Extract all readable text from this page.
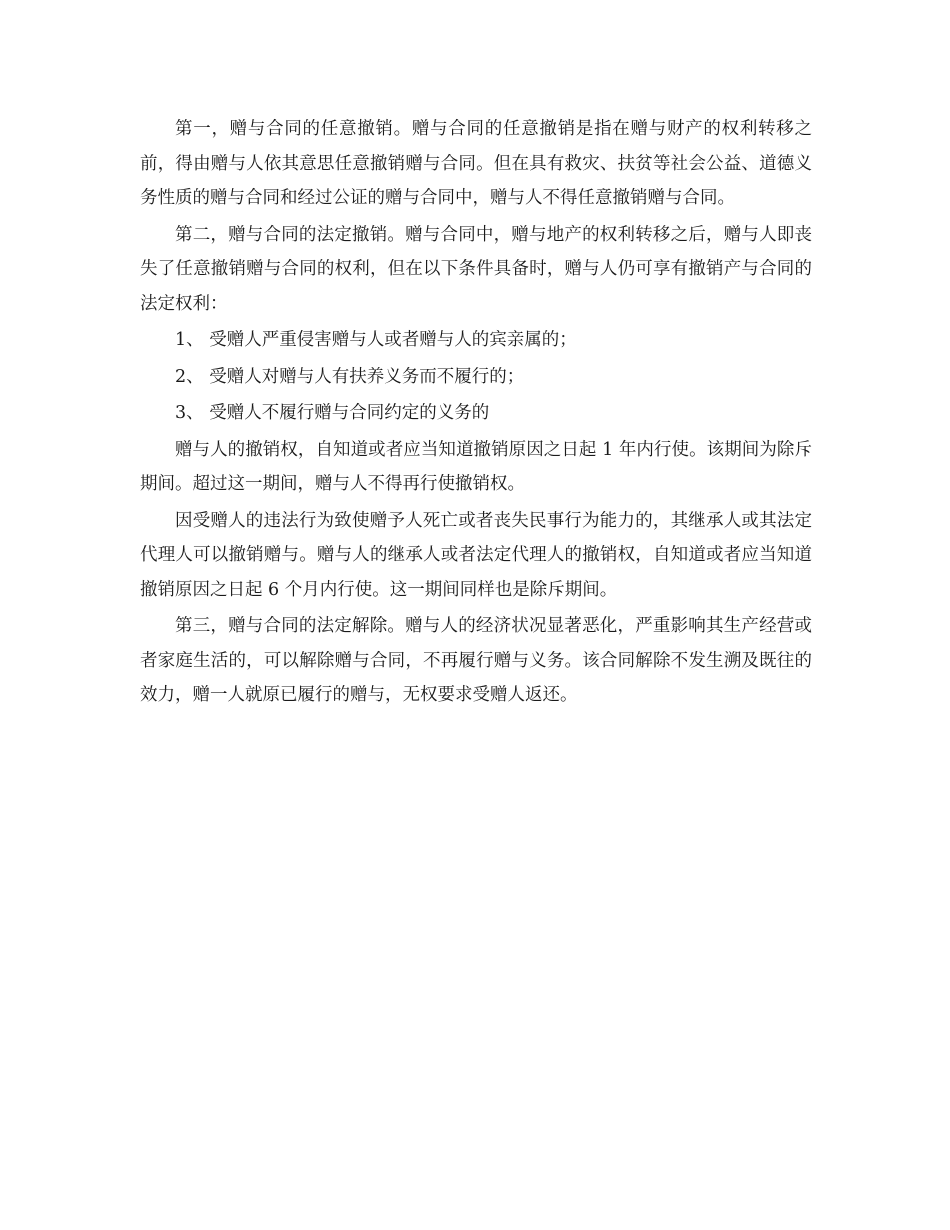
第一，赠与合同的任意撤销。赠与合同的任意撤销是指在赠与财产的权利转移之前，得由赠与人依其意思任意撤销赠与合同。但在具有救灾、扶贫等社会公益、道德义务性质的赠与合同和经过公证的赠与合同中，赠与人不得任意撤销赠与合同。

第二，赠与合同的法定撤销。赠与合同中，赠与地产的权利转移之后，赠与人即丧失了任意撤销赠与合同的权利，但在以下条件具备时，赠与人仍可享有撤销产与合同的法定权利：

1、 受赠人严重侵害赠与人或者赠与人的宾亲属的；

2、 受赠人对赠与人有扶养义务而不履行的；

3、 受赠人不履行赠与合同约定的义务的

赠与人的撤销权，自知道或者应当知道撤销原因之日起 1 年内行使。该期间为除斥期间。超过这一期间，赠与人不得再行使撤销权。

因受赠人的违法行为致使赠予人死亡或者丧失民事行为能力的，其继承人或其法定代理人可以撤销赠与。赠与人的继承人或者法定代理人的撤销权，自知道或者应当知道撤销原因之日起 6 个月内行使。这一期间同样也是除斥期间。

第三，赠与合同的法定解除。赠与人的经济状况显著恶化，严重影响其生产经营或者家庭生活的，可以解除赠与合同，不再履行赠与义务。该合同解除不发生溯及既往的效力，赠一人就原已履行的赠与，无权要求受赠人返还。
